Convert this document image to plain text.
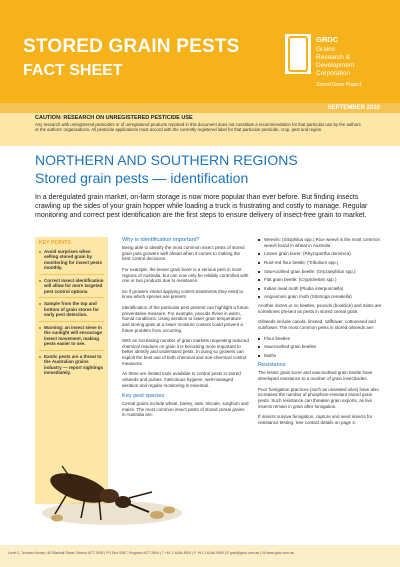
STORED GRAIN PESTS
FACT SHEET
GRDC
Grains
Research &
Development
Corporation
Stored Grain Project
SEPTEMBER 2010
CAUTION: RESEARCH ON UNREGISTERED PESTICIDE USE
Any research with unregistered pesticides or of unregistered products reported in this document does not constitute a recommendation for that particular use by the authors or the authors' organisations. All pesticide applications must accord with the currently registered label for that particular pesticide, crop, pest and region.
NORTHERN AND SOUTHERN REGIONS
Stored grain pests — identification
In a deregulated grain market, on-farm storage is now more popular than ever before. But finding insects crawling up the sides of your grain hopper while loading a truck is frustrating and costly to manage. Regular monitoring and correct pest identification are the first steps to ensure delivery of insect-free grain to market.
KEY POINTS
Avoid surprises when selling stored grain by monitoring for insect pests monthly.
Correct insect identification will allow for more targeted pest control options.
Sample from the top and bottom of grain stores for early pest detection.
Warning: an insect sieve in the sunlight will encourage insect movement, making pests easier to see.
Exotic pests are a threat to the Australian grains industry — report sightings immediately.
Why is identification important?
Being able to identify the most common insect pests of stored grain puts growers well ahead when it comes to making the best control decisions.
For example, the lesser grain borer is a serious pest in most regions of Australia, but can now only be reliably controlled with one or two products due to resistance.
So if growers intend applying control treatments they need to know which species are present.
Identification of the particular pest present can highlight a future preventative measure. For example, psocids thrive in warm, humid conditions. Using aeration to lower grain temperature and storing grain at a lower moisture content could prevent a future problem from occurring.
With an increasing number of grain markets requesting reduced chemical residues on grain it is becoming more important to better identify and understand pests. In doing so growers can exploit the best use of both chemical and non-chemical control measures.
As there are limited tools available to control pests in stored oilseeds and pulses, meticulous hygiene, well-managed aeration and regular monitoring is essential.
Key pest species
Cereal grains include wheat, barley, oats, triticale, sorghum and maize. The most common insect pests of stored cereal grains in Australia are:
Weevils: (Sitophilus spp.) Rice weevil is the most common weevil found in wheat in Australia
Lesser grain borer: (Rhyzopertha dominica)
Rust-red flour beetle: (Tribolium spp.)
Saw-toothed grain beetle: (Oryzaephilus spp.)
Flat grain beetle: (Cryptolestes spp.)
Indian meal moth (Plodia interpunctella)
Angoumois grain moth (Sitotroga cerealella)
Another dozen or so beetles, psocids (booklice) and mites are sometimes present as pests in stored cereal grain.
Oilseeds include canola, linseed, safflower, cottonseed and sunflower. The most common pests in stored oilseeds are:
Flour beetles
Saw-toothed grain beetles
Moths
Resistance
The lesser grain borer and saw-toothed grain beetle have developed resistance to a number of grain insecticides.
Poor fumigation practices (such as unsealed silos) have also increased the number of phosphine-resistant stored grain pests. Such resistance can threaten grain exports, as live insects remain in grain after fumigation.
If insects survive fumigation, capture and send insects for resistance testing. See contact details on page 4.
Level 1, Tourism House | 40 Blackall Street, Barton ACT 2600 | PO Box 5367, Kingston ACT 2604 | T +61 2 6166 4500 | F +61 2 6166 4599 | E grdc@grdc.com.au | W www.grdc.com.au
